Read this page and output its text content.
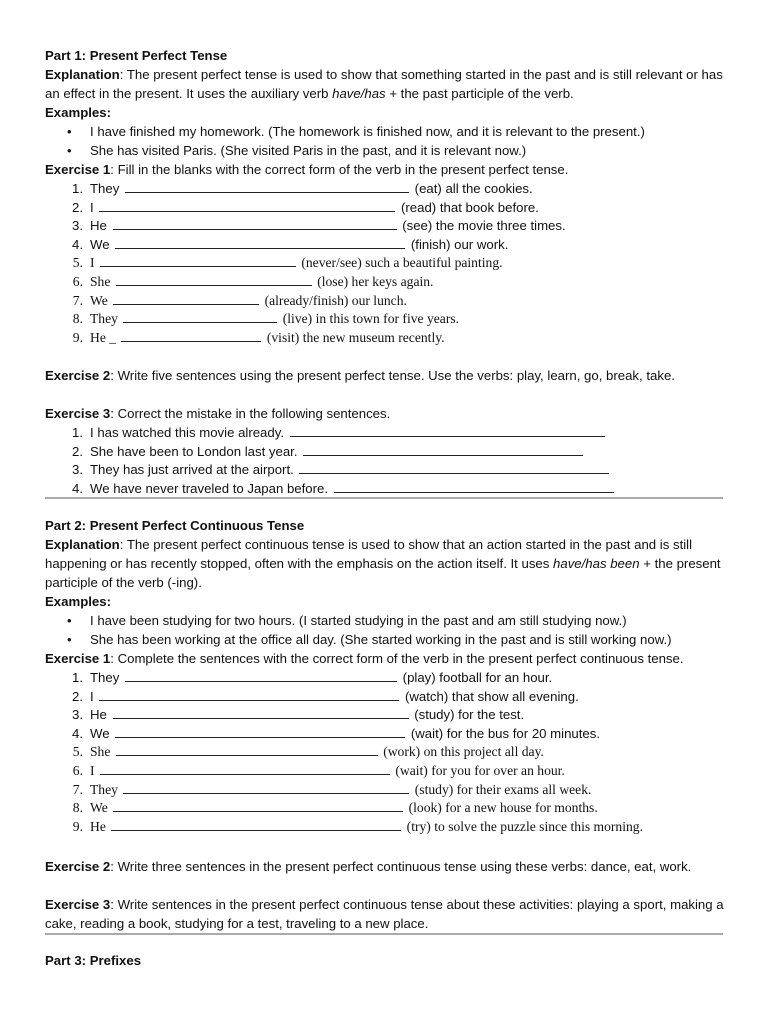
Part 1: Present Perfect Tense

Explanation: The present perfect tense is used to show that something started in the past and is still relevant or has an effect in the present. It uses the auxiliary verb have/has + the past participle of the verb.

Examples:
• I have finished my homework. (The homework is finished now, and it is relevant to the present.)
• She has visited Paris. (She visited Paris in the past, and it is relevant now.)

Exercise 1: Fill in the blanks with the correct form of the verb in the present perfect tense.

1. They	(eat) all the cookies.
2. I	(read) that book before.
3. He	(see) the movie three times.
4. We	(finish) our work.
5. I	(never/see) such a beautiful painting.
6. She	(lose) her keys again.
7. We	(already/finish) our lunch.
8. They	(live) in this town for five years.
9. He _	(visit) the new museum recently.

Exercise 2: Write five sentences using the present perfect tense. Use the verbs: play, learn, go, break, take.

Exercise 3: Correct the mistake in the following sentences.

1. I has watched this movie already.
2. She have been to London last year.
3. They has just arrived at the airport.
4. We have never traveled to Japan before.
Part 2: Present Perfect Continuous Tense

Explanation: The present perfect continuous tense is used to show that an action started in the past and is still happening or has recently stopped, often with the emphasis on the action itself. It uses have/has been + the present participle of the verb (-ing).

Examples:
• I have been studying for two hours. (I started studying in the past and am still studying now.)
• She has been working at the office all day. (She started working in the past and is still working now.)

Exercise 1: Complete the sentences with the correct form of the verb in the present perfect continuous tense.

1. They	(play) football for an hour.
2. I	(watch) that show all evening.
3. He	(study) for the test.
4. We	(wait) for the bus for 20 minutes.
5. She	(work) on this project all day.
6. I	(wait) for you for over an hour.
7. They	(study) for their exams all week.
8. We	(look) for a new house for months.
9. He	(try) to solve the puzzle since this morning.

Exercise 2: Write three sentences in the present perfect continuous tense using these verbs: dance, eat, work.

Exercise 3: Write sentences in the present perfect continuous tense about these activities: playing a sport, making a cake, reading a book, studying for a test, traveling to a new place.

Part 3: Prefixes
